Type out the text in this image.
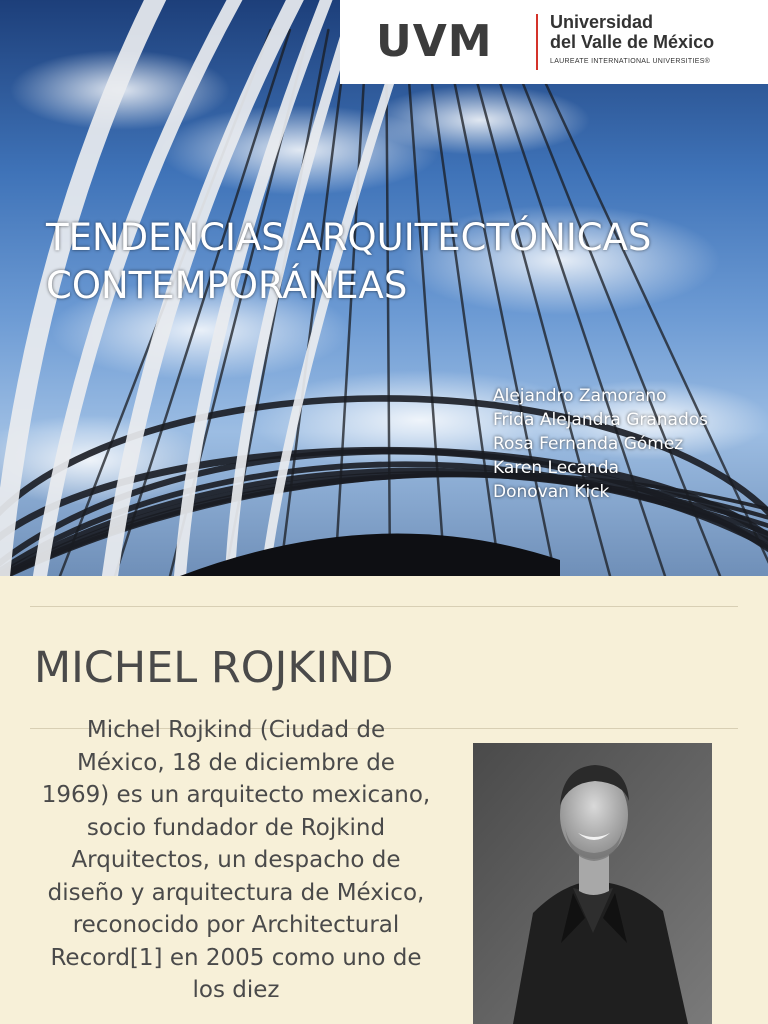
UVM	Universidad
del Valle de México
LAUREATE INTERNATIONAL UNIVERSITIES®
TENDENCIAS ARQUITECTÓNICAS
CONTEMPORÁNEAS
Alejandro Zamorano
Frida Alejandra Granados
Rosa Fernanda Gómez
Karen Lecanda
Donovan Kick
MICHEL ROJKIND

Michel Rojkind (Ciudad de México, 18 de diciembre de 1969) es un arquitecto mexicano, socio fundador de Rojkind Arquitectos, un despacho de diseño y arquitectura de México, reconocido por Architectural Record[1] en 2005 como uno de los diez
